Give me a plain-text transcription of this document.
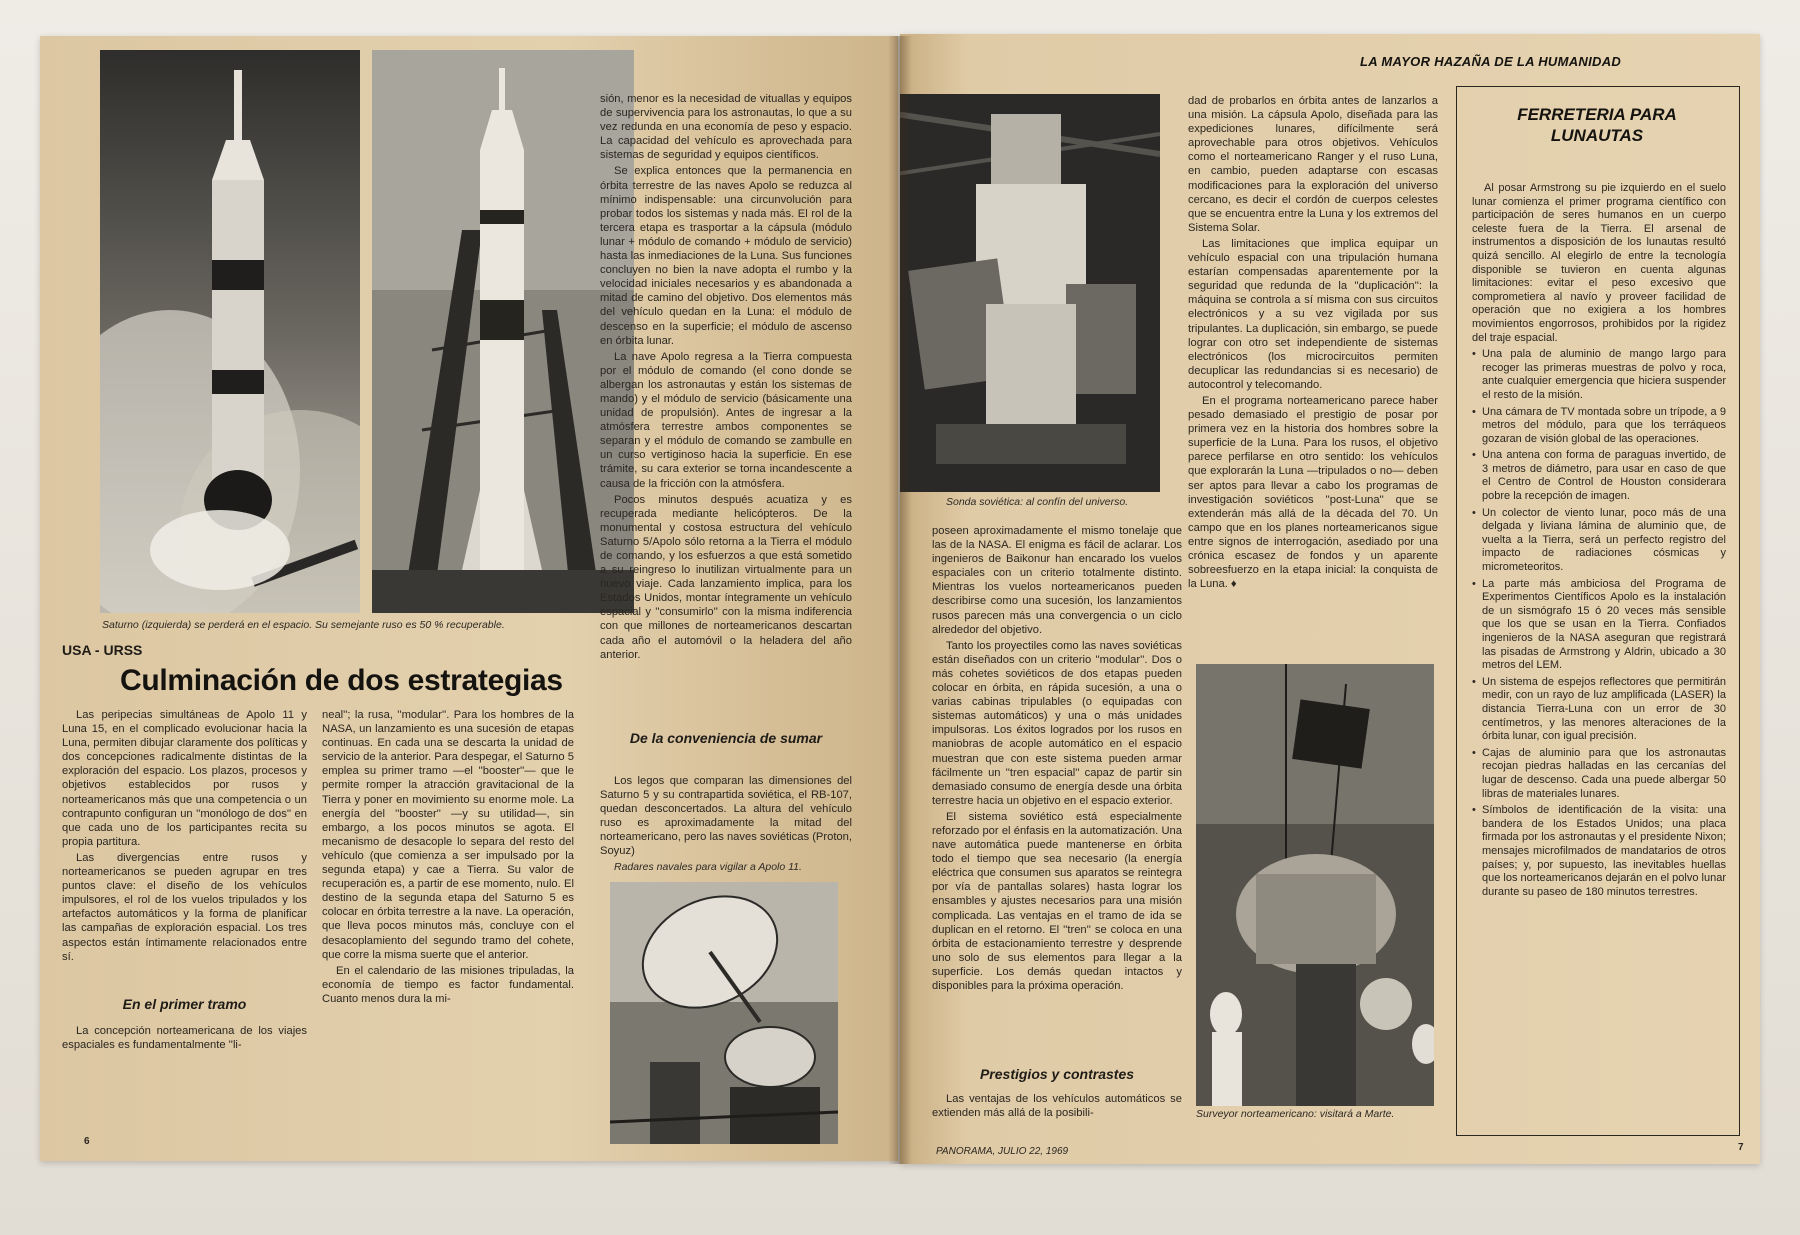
Saturno (izquierda) se perderá en el espacio. Su semejante ruso es 50 % recuperable.
USA - URSS
Culminación de dos estrategias

Las peripecias simultáneas de Apolo 11 y Luna 15, en el complicado evolucionar hacia la Luna, permiten dibujar claramente dos políticas y dos concepciones radicalmente distintas de la exploración del espacio. Los plazos, procesos y objetivos establecidos por rusos y norteamericanos más que una competencia o un contrapunto configuran un ''monólogo de dos'' en que cada uno de los participantes recita su propia partitura.

Las divergencias entre rusos y norteamericanos se pueden agrupar en tres puntos clave: el diseño de los vehículos impulsores, el rol de los vuelos tripulados y los artefactos automáticos y la forma de planificar las campañas de exploración espacial. Los tres aspectos están íntimamente relacionados entre sí.

En el primer tramo

La concepción norteamericana de los viajes espaciales es fundamentalmente ''li-

neal''; la rusa, ''modular''. Para los hombres de la NASA, un lanzamiento es una sucesión de etapas continuas. En cada una se descarta la unidad de servicio de la anterior. Para despegar, el Saturno 5 emplea su primer tramo —el ''booster''— que le permite romper la atracción gravitacional de la Tierra y poner en movimiento su enorme mole. La energía del ''booster'' —y su utilidad—, sin embargo, a los pocos minutos se agota. El mecanismo de desacople lo separa del resto del vehículo (que comienza a ser impulsado por la segunda etapa) y cae a Tierra. Su valor de recuperación es, a partir de ese momento, nulo. El destino de la segunda etapa del Saturno 5 es colocar en órbita terrestre a la nave. La operación, que lleva pocos minutos más, concluye con el desacoplamiento del segundo tramo del cohete, que corre la misma suerte que el anterior.

En el calendario de las misiones tripuladas, la economía de tiempo es factor fundamental. Cuanto menos dura la mi-

sión, menor es la necesidad de vituallas y equipos de supervivencia para los astronautas, lo que a su vez redunda en una economía de peso y espacio. La capacidad del vehículo es aprovechada para sistemas de seguridad y equipos científicos.

Se explica entonces que la permanencia en órbita terrestre de las naves Apolo se reduzca al mínimo indispensable: una circunvolución para probar todos los sistemas y nada más. El rol de la tercera etapa es trasportar a la cápsula (módulo lunar + módulo de comando + módulo de servicio) hasta las inmediaciones de la Luna. Sus funciones concluyen no bien la nave adopta el rumbo y la velocidad iniciales necesarios y es abandonada a mitad de camino del objetivo. Dos elementos más del vehículo quedan en la Luna: el módulo de descenso en la superficie; el módulo de ascenso en órbita lunar.

La nave Apolo regresa a la Tierra compuesta por el módulo de comando (el cono donde se albergan los astronautas y están los sistemas de mando) y el módulo de servicio (básicamente una unidad de propulsión). Antes de ingresar a la atmósfera terrestre ambos componentes se separan y el módulo de comando se zambulle en un curso vertiginoso hacia la superficie. En ese trámite, su cara exterior se torna incandescente a causa de la fricción con la atmósfera.

Pocos minutos después acuatiza y es recuperada mediante helicópteros. De la monumental y costosa estructura del vehículo Saturno 5/Apolo sólo retorna a la Tierra el módulo de comando, y los esfuerzos a que está sometido a su reingreso lo inutilizan virtualmente para un nuevo viaje. Cada lanzamiento implica, para los Estados Unidos, montar íntegramente un vehículo espacial y ''consumirlo'' con la misma indiferencia con que millones de norteamericanos descartan cada año el automóvil o la heladera del año anterior.

De la conveniencia de sumar

Los legos que comparan las dimensiones del Saturno 5 y su contrapartida soviética, el RB-107, quedan desconcertados. La altura del vehículo ruso es aproximadamente la mitad del norteamericano, pero las naves soviéticas (Proton, Soyuz)

Radares navales para vigilar a Apolo 11.
6
LA MAYOR HAZAÑA DE LA HUMANIDAD
Sonda soviética: al confín del universo.

poseen aproximadamente el mismo tonelaje que las de la NASA. El enigma es fácil de aclarar. Los ingenieros de Baikonur han encarado los vuelos espaciales con un criterio totalmente distinto. Mientras los vuelos norteamericanos pueden describirse como una sucesión, los lanzamientos rusos parecen más una convergencia o un ciclo alrededor del objetivo.

Tanto los proyectiles como las naves soviéticas están diseñados con un criterio ''modular''. Dos o más cohetes soviéticos de dos etapas pueden colocar en órbita, en rápida sucesión, a una o varias cabinas tripulables (o equipadas con sistemas automáticos) y una o más unidades impulsoras. Los éxitos logrados por los rusos en maniobras de acople automático en el espacio muestran que con este sistema pueden armar fácilmente un ''tren espacial'' capaz de partir sin demasiado consumo de energía desde una órbita terrestre hacia un objetivo en el espacio exterior.

El sistema soviético está especialmente reforzado por el énfasis en la automatización. Una nave automática puede mantenerse en órbita todo el tiempo que sea necesario (la energía eléctrica que consumen sus aparatos se reintegra por vía de pantallas solares) hasta lograr los ensambles y ajustes necesarios para una misión complicada. Las ventajas en el tramo de ida se duplican en el retorno. El ''tren'' se coloca en una órbita de estacionamiento terrestre y desprende uno solo de sus elementos para llegar a la superficie. Los demás quedan intactos y disponibles para la próxima operación.

Prestigios y contrastes

Las ventajas de los vehículos automáticos se extienden más allá de la posibili-

dad de probarlos en órbita antes de lanzarlos a una misión. La cápsula Apolo, diseñada para las expediciones lunares, difícilmente será aprovechable para otros objetivos. Vehículos como el norteamericano Ranger y el ruso Luna, en cambio, pueden adaptarse con escasas modificaciones para la exploración del universo cercano, es decir el cordón de cuerpos celestes que se encuentra entre la Luna y los extremos del Sistema Solar.

Las limitaciones que implica equipar un vehículo espacial con una tripulación humana estarían compensadas aparentemente por la seguridad que redunda de la ''duplicación'': la máquina se controla a sí misma con sus circuitos electrónicos y a su vez vigilada por sus tripulantes. La duplicación, sin embargo, se puede lograr con otro set independiente de sistemas electrónicos (los microcircuitos permiten decuplicar las redundancias si es necesario) de autocontrol y telecomando.

En el programa norteamericano parece haber pesado demasiado el prestigio de posar por primera vez en la historia dos hombres sobre la superficie de la Luna. Para los rusos, el objetivo parece perfilarse en otro sentido: los vehículos que explorarán la Luna —tripulados o no— deben ser aptos para llevar a cabo los programas de investigación soviéticos ''post-Luna'' que se extenderán más allá de la década del 70. Un campo que en los planes norteamericanos sigue entre signos de interrogación, asediado por una crónica escasez de fondos y un aparente sobreesfuerzo en la etapa inicial: la conquista de la Luna. ♦

Surveyor norteamericano: visitará a Marte.
FERRETERIA PARA LUNAUTAS

Al posar Armstrong su pie izquierdo en el suelo lunar comienza el primer programa científico con participación de seres humanos en un cuerpo celeste fuera de la Tierra. El arsenal de instrumentos a disposición de los lunautas resultó quizá sencillo. Al elegirlo de entre la tecnología disponible se tuvieron en cuenta algunas limitaciones: evitar el peso excesivo que comprometiera al navío y proveer facilidad de operación que no exigiera a los hombres movimientos engorrosos, prohibidos por la rigidez del traje espacial.

• Una pala de aluminio de mango largo para recoger las primeras muestras de polvo y roca, ante cualquier emergencia que hiciera suspender el resto de la misión.

• Una cámara de TV montada sobre un trípode, a 9 metros del módulo, para que los terráqueos gozaran de visión global de las operaciones.

• Una antena con forma de paraguas invertido, de 3 metros de diámetro, para usar en caso de que el Centro de Control de Houston considerara pobre la recepción de imagen.

• Un colector de viento lunar, poco más de una delgada y liviana lámina de aluminio que, de vuelta a la Tierra, será un perfecto registro del impacto de radiaciones cósmicas y micrometeoritos.

• La parte más ambiciosa del Programa de Experimentos Científicos Apolo es la instalación de un sismógrafo 15 ó 20 veces más sensible que los que se usan en la Tierra. Confiados ingenieros de la NASA aseguran que registrará las pisadas de Armstrong y Aldrin, ubicado a 30 metros del LEM.

• Un sistema de espejos reflectores que permitirán medir, con un rayo de luz amplificada (LASER) la distancia Tierra-Luna con un error de 30 centímetros, y las menores alteraciones de la órbita lunar, con igual precisión.

• Cajas de aluminio para que los astronautas recojan piedras halladas en las cercanías del lugar de descenso. Cada una puede albergar 50 libras de materiales lunares.

• Símbolos de identificación de la visita: una bandera de los Estados Unidos; una placa firmada por los astronautas y el presidente Nixon; mensajes microfilmados de mandatarios de otros países; y, por supuesto, las inevitables huellas que los norteamericanos dejarán en el polvo lunar durante su paseo de 180 minutos terrestres.

PANORAMA, JULIO 22, 1969	7
